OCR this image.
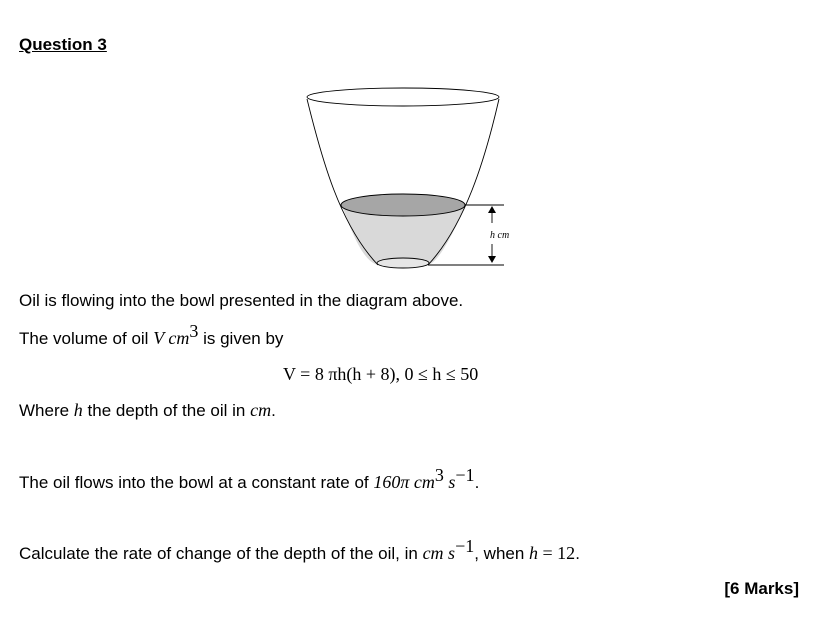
Question 3
h cm
Oil is flowing into the bowl presented in the diagram above.
The volume of oil V $cm^3$ is given by
V = 8 πh(h + 8), 0 ≤ h ≤ 50
Where h the depth of the oil in cm.
The oil flows into the bowl at a constant rate of 160π $cm^3$ $s^{-1}$.
Calculate the rate of change of the depth of the oil, in cm $s^{-1}$, when h = 12.
[6 Marks]
